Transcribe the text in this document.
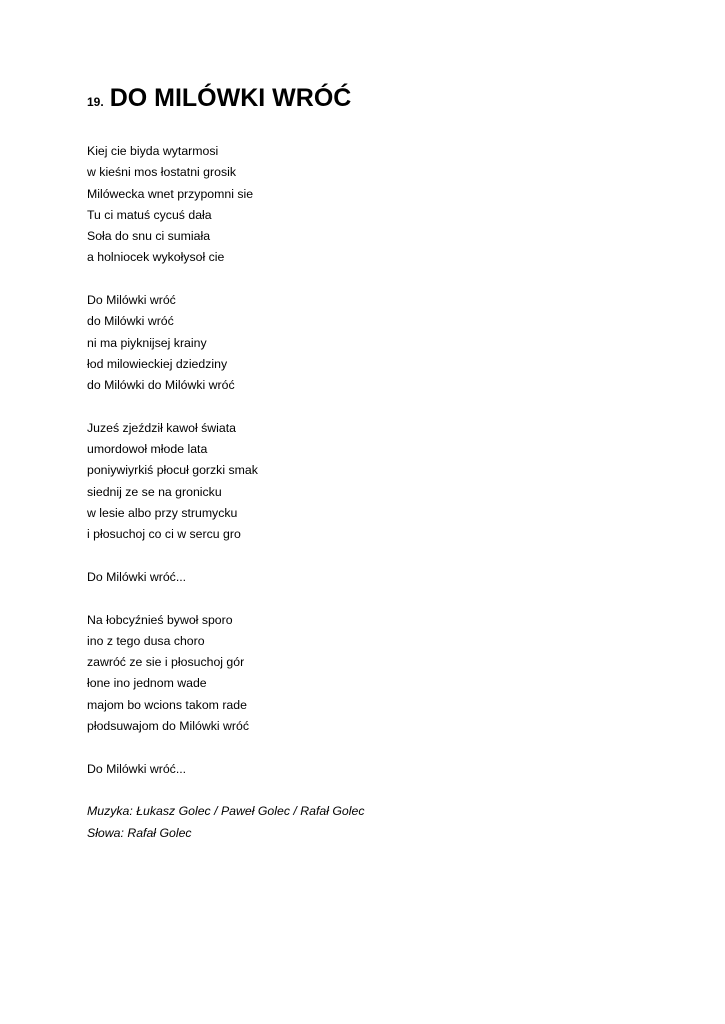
19. DO MILÓWKI WRÓĆ
Kiej cie biyda wytarmosi
w kieśni mos łostatni grosik
Milówecka wnet przypomni sie
Tu ci matuś cycuś dała
Soła do snu ci sumiała
a holniocek wykołysoł cie
Do Milówki wróć
do Milówki wróć
ni ma piyknijsej krainy
łod milowieckiej dziedziny
do Milówki do Milówki wróć
Juześ zjeździł kawoł świata
umordowoł młode lata
poniywiyrkiś płocuł gorzki smak
siednij ze se na gronicku
w lesie albo przy strumycku
i płosuchoj co ci w sercu gro
Do Milówki wróć...
Na łobcyźnieś bywoł sporo
ino z tego dusa choro
zawróć ze sie i płosuchoj gór
łone ino jednom wade
majom bo wcions takom rade
płodsuwajom do Milówki wróć
Do Milówki wróć...
Muzyka: Łukasz Golec / Paweł Golec / Rafał Golec
Słowa: Rafał Golec
